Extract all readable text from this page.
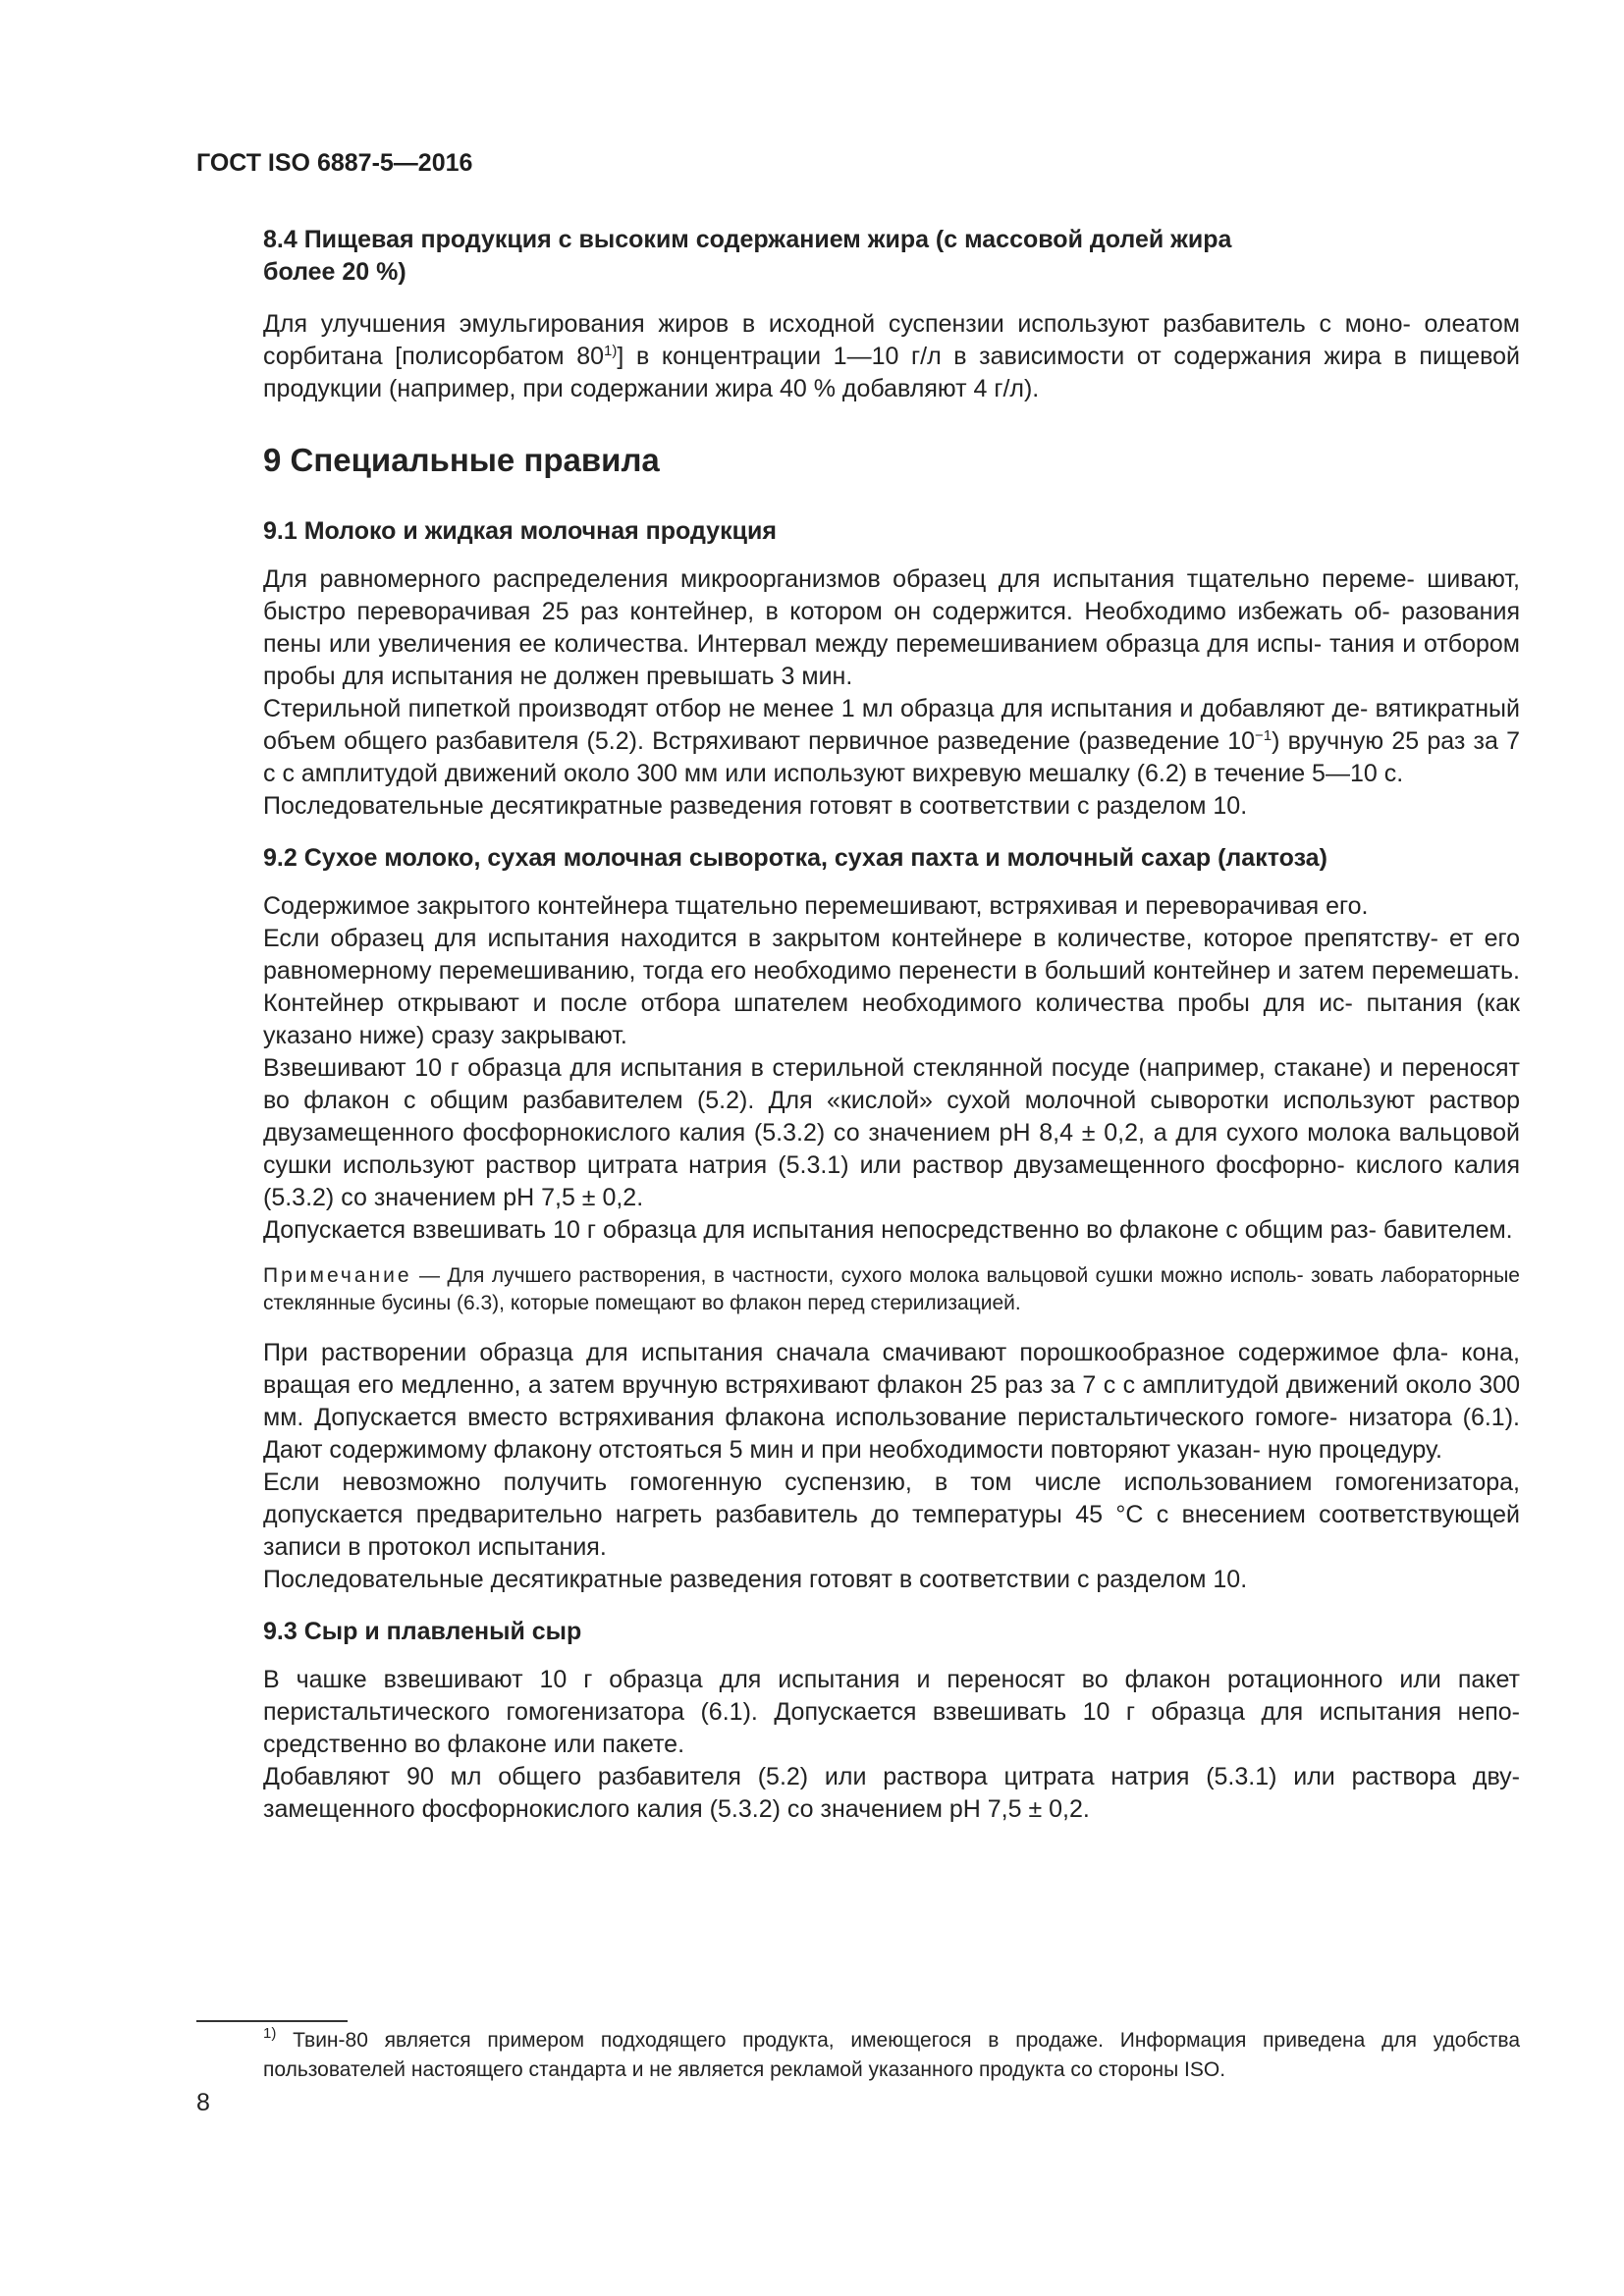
ГОСТ ISO 6887-5—2016
8.4 Пищевая продукция с высоким содержанием жира (с массовой долей жира
более 20 %)

Для улучшения эмульгирования жиров в исходной суспензии используют разбавитель с моно- олеатом сорбитана [полисорбатом 80$^{1)}$] в концентрации 1—10 г/л в зависимости от содержания жира в пищевой продукции (например, при содержании жира 40 % добавляют 4 г/л).

9 Специальные правила
9.1 Молоко и жидкая молочная продукция

Для равномерного распределения микроорганизмов образец для испытания тщательно переме- шивают, быстро переворачивая 25 раз контейнер, в котором он содержится. Необходимо избежать об- разования пены или увеличения ее количества. Интервал между перемешиванием образца для испы- тания и отбором пробы для испытания не должен превышать 3 мин.

Стерильной пипеткой производят отбор не менее 1 мл образца для испытания и добавляют де- вятикратный объем общего разбавителя (5.2). Встряхивают первичное разведение (разведение $10^{-1}$) вручную 25 раз за 7 с с амплитудой движений около 300 мм или используют вихревую мешалку (6.2) в течение 5—10 с.

Последовательные десятикратные разведения готовят в соответствии с разделом 10.

9.2 Сухое молоко, сухая молочная сыворотка, сухая пахта и молочный сахар (лактоза)

Содержимое закрытого контейнера тщательно перемешивают, встряхивая и переворачивая его.

Если образец для испытания находится в закрытом контейнере в количестве, которое препятству- ет его равномерному перемешиванию, тогда его необходимо перенести в больший контейнер и затем перемешать. Контейнер открывают и после отбора шпателем необходимого количества пробы для ис- пытания (как указано ниже) сразу закрывают.

Взвешивают 10 г образца для испытания в стерильной стеклянной посуде (например, стакане) и переносят во флакон с общим разбавителем (5.2). Для «кислой» сухой молочной сыворотки используют раствор двузамещенного фосфорнокислого калия (5.3.2) со значением pH 8,4 ± 0,2, а для сухого молока вальцовой сушки используют раствор цитрата натрия (5.3.1) или раствор двузамещенного фосфорно- кислого калия (5.3.2) со значением pH 7,5 ± 0,2.

Допускается взвешивать 10 г образца для испытания непосредственно во флаконе с общим раз- бавителем.

Примечание — Для лучшего растворения, в частности, сухого молока вальцовой сушки можно исполь- зовать лабораторные стеклянные бусины (6.3), которые помещают во флакон перед стерилизацией.

При растворении образца для испытания сначала смачивают порошкообразное содержимое фла- кона, вращая его медленно, а затем вручную встряхивают флакон 25 раз за 7 с с амплитудой движений около 300 мм. Допускается вместо встряхивания флакона использование перистальтического гомоге- низатора (6.1). Дают содержимому флакону отстояться 5 мин и при необходимости повторяют указан- ную процедуру.

Если невозможно получить гомогенную суспензию, в том числе использованием гомогенизатора, допускается предварительно нагреть разбавитель до температуры 45 °С с внесением соответствующей записи в протокол испытания.

Последовательные десятикратные разведения готовят в соответствии с разделом 10.

9.3 Сыр и плавленый сыр

В чашке взвешивают 10 г образца для испытания и переносят во флакон ротационного или пакет перистальтического гомогенизатора (6.1). Допускается взвешивать 10 г образца для испытания непо- средственно во флаконе или пакете.

Добавляют 90 мл общего разбавителя (5.2) или раствора цитрата натрия (5.3.1) или раствора дву- замещенного фосфорнокислого калия (5.3.2) со значением pH 7,5 ± 0,2.

$^{1)}$ Твин-80 является примером подходящего продукта, имеющегося в продаже. Информация приведена для удобства пользователей настоящего стандарта и не является рекламой указанного продукта со стороны ISO.
8
